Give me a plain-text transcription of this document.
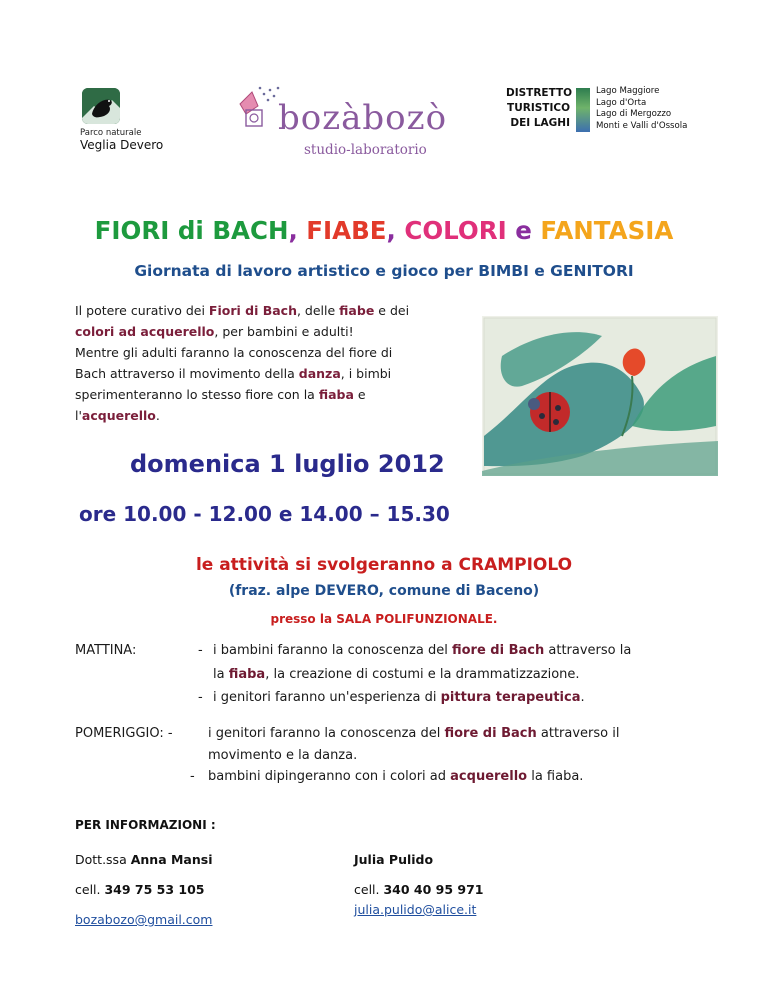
Parco naturale
Veglia Devero
bozàbozò
studio-laboratorio
DISTRETTO
TURISTICO
DEI LAGHI
Lago Maggiore
Lago d'Orta
Lago di Mergozzo
Monti e Valli d'Ossola
FIORI di BACH, FIABE, COLORI e FANTASIA
Giornata di lavoro artistico e gioco per BIMBI e GENITORI
Il potere curativo dei Fiori di Bach, delle fiabe e dei
colori ad acquerello, per bambini e adulti!
Mentre gli adulti faranno la conoscenza del fiore di
Bach attraverso il movimento della danza, i bimbi
sperimenteranno lo stesso fiore con la fiaba e
l'acquerello.
domenica 1 luglio 2012
ore 10.00 - 12.00 e 14.00 – 15.30
le attività si svolgeranno a CRAMPIOLO
(fraz. alpe DEVERO, comune di Baceno)
presso la SALA POLIFUNZIONALE.
MATTINA:	- i bambini faranno la conoscenza del fiore di Bach attraverso la
la fiaba, la creazione di costumi e la drammatizzazione.
- i genitori faranno un'esperienza di pittura terapeutica.
POMERIGGIO: -	i genitori faranno la conoscenza del fiore di Bach attraverso il
movimento e la danza.
- bambini dipingeranno con i colori ad acquerello la fiaba.
PER INFORMAZIONI :
Dott.ssa Anna Mansi
cell. 349 75 53 105
bozabozo@gmail.com
Julia Pulido
cell. 340 40 95 971
julia.pulido@alice.it
